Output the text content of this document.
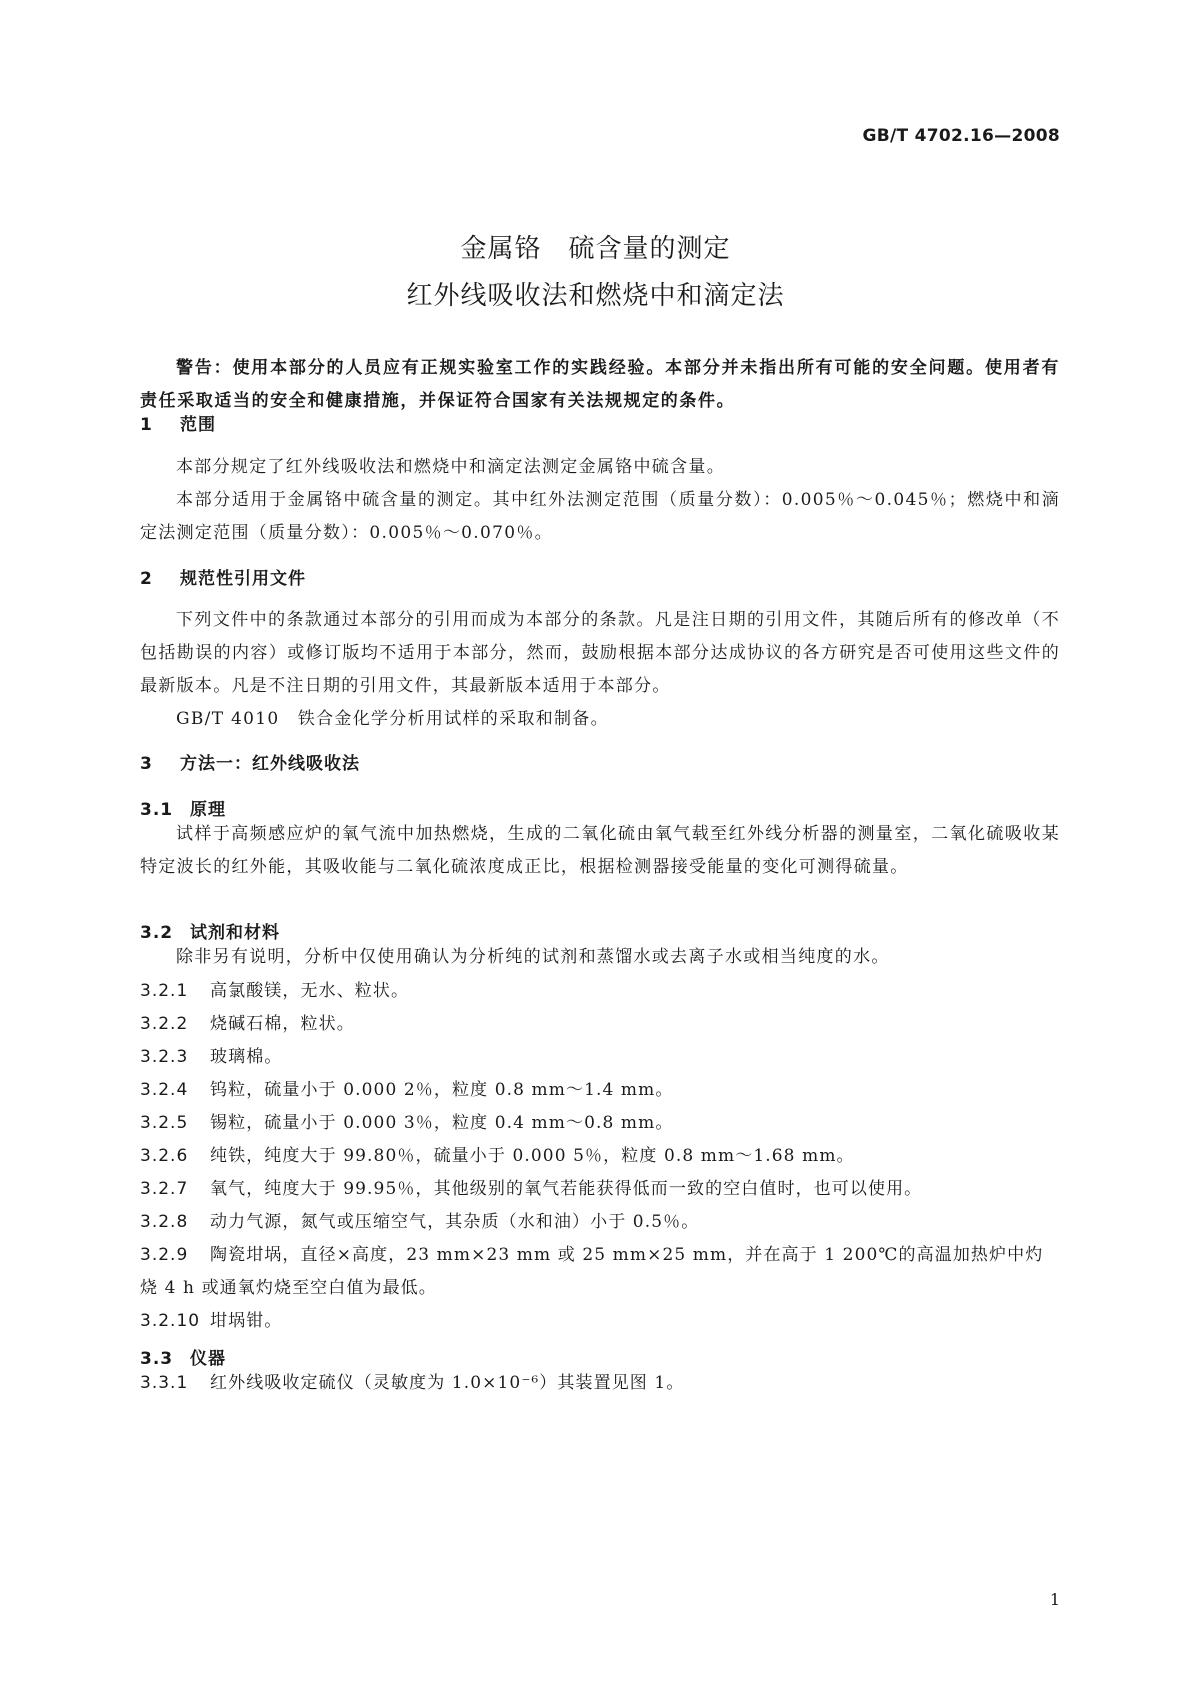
GB/T 4702.16—2008
金属铬　硫含量的测定
红外线吸收法和燃烧中和滴定法
警告：使用本部分的人员应有正规实验室工作的实践经验。本部分并未指出所有可能的安全问题。使用者有责任采取适当的安全和健康措施，并保证符合国家有关法规规定的条件。
1 范围
本部分规定了红外线吸收法和燃烧中和滴定法测定金属铬中硫含量。
本部分适用于金属铬中硫含量的测定。其中红外法测定范围（质量分数）：0.005％～0.045％；燃烧中和滴定法测定范围（质量分数）：0.005％～0.070％。
2 规范性引用文件
下列文件中的条款通过本部分的引用而成为本部分的条款。凡是注日期的引用文件，其随后所有的修改单（不包括勘误的内容）或修订版均不适用于本部分，然而，鼓励根据本部分达成协议的各方研究是否可使用这些文件的最新版本。凡是不注日期的引用文件，其最新版本适用于本部分。
GB/T 4010　铁合金化学分析用试样的采取和制备。
3 方法一：红外线吸收法
3.1 原理
试样于高频感应炉的氧气流中加热燃烧，生成的二氧化硫由氧气载至红外线分析器的测量室，二氧化硫吸收某特定波长的红外能，其吸收能与二氧化硫浓度成正比，根据检测器接受能量的变化可测得硫量。
3.2 试剂和材料
除非另有说明，分析中仅使用确认为分析纯的试剂和蒸馏水或去离子水或相当纯度的水。
3.2.1 高氯酸镁，无水、粒状。
3.2.2 烧碱石棉，粒状。
3.2.3 玻璃棉。
3.2.4 钨粒，硫量小于 0.000 2％，粒度 0.8 mm～1.4 mm。
3.2.5 锡粒，硫量小于 0.000 3％，粒度 0.4 mm～0.8 mm。
3.2.6 纯铁，纯度大于 99.80％，硫量小于 0.000 5％，粒度 0.8 mm～1.68 mm。
3.2.7 氧气，纯度大于 99.95％，其他级别的氧气若能获得低而一致的空白值时，也可以使用。
3.2.8 动力气源，氮气或压缩空气，其杂质（水和油）小于 0.5％。
3.2.9 陶瓷坩埚，直径×高度，23 mm×23 mm 或 25 mm×25 mm，并在高于 1 200℃的高温加热炉中灼烧 4 h 或通氧灼烧至空白值为最低。
3.2.10 坩埚钳。
3.3 仪器
3.3.1 红外线吸收定硫仪（灵敏度为 1.0×10⁻⁶）其装置见图 1。
1
